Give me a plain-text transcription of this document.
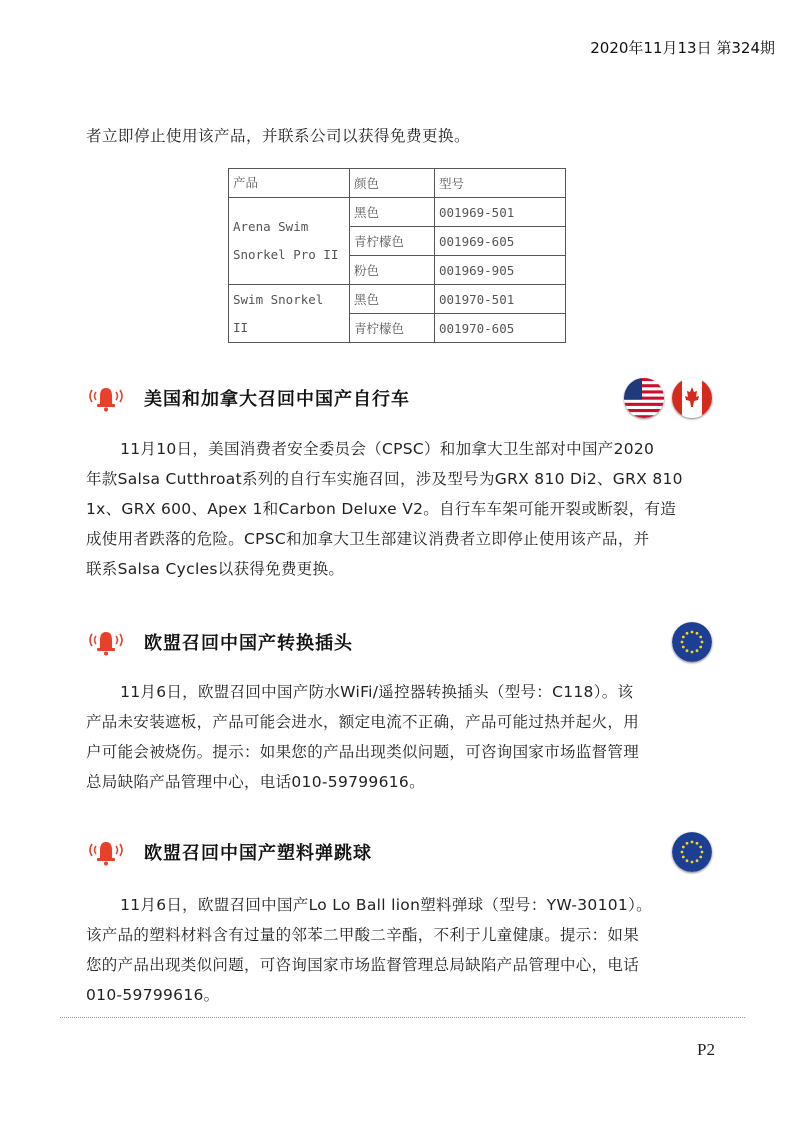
2020年11月13日 第324期
者立即停止使用该产品，并联系公司以获得免费更换。
产品	颜色	型号

Arena Swim
Snorkel Pro II	黑色	001969-501
	青柠檬色	001969-605
	粉色	001969-905

Swim Snorkel II	黑色	001970-501
	青柠檬色	001970-605
美国和加拿大召回中国产自行车
11月10日，美国消费者安全委员会（CPSC）和加拿大卫生部对中国产2020
年款Salsa Cutthroat系列的自行车实施召回，涉及型号为GRX 810 Di2、GRX 810
1x、GRX 600、Apex 1和Carbon Deluxe V2。自行车车架可能开裂或断裂，有造
成使用者跌落的危险。CPSC和加拿大卫生部建议消费者立即停止使用该产品，并
联系Salsa Cycles以获得免费更换。
欧盟召回中国产转换插头
11月6日，欧盟召回中国产防水WiFi/遥控器转换插头（型号：C118）。该
产品未安装遮板，产品可能会进水，额定电流不正确，产品可能过热并起火，用
户可能会被烧伤。提示：如果您的产品出现类似问题，可咨询国家市场监督管理
总局缺陷产品管理中心，电话010-59799616。
欧盟召回中国产塑料弹跳球
11月6日，欧盟召回中国产Lo Lo Ball lion塑料弹球（型号：YW-30101）。
该产品的塑料材料含有过量的邻苯二甲酸二辛酯，不利于儿童健康。提示：如果
您的产品出现类似问题，可咨询国家市场监督管理总局缺陷产品管理中心，电话
010-59799616。
P2
